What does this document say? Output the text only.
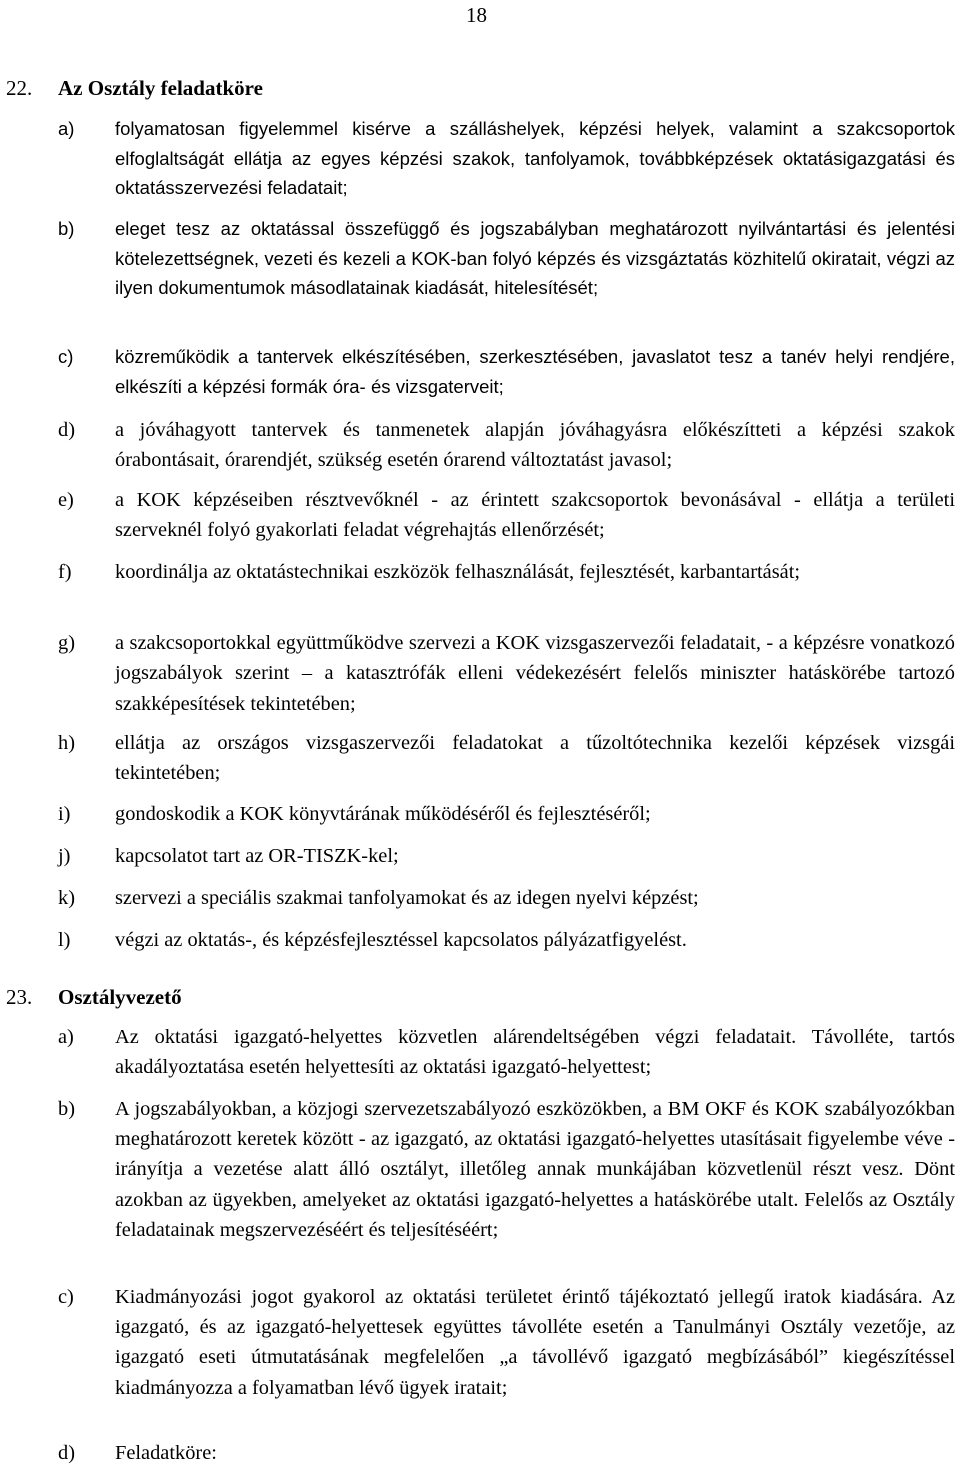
18
22. Az Osztály feladatköre
a) folyamatosan figyelemmel kisérve a szálláshelyek, képzési helyek, valamint a szakcsoportok elfoglaltságát ellátja az egyes képzési szakok, tanfolyamok, továbbképzések oktatásigazgatási és oktatásszervezési feladatait;
b) eleget tesz az oktatással összefüggő és jogszabályban meghatározott nyilvántartási és jelentési kötelezettségnek, vezeti és kezeli a KOK-ban folyó képzés és vizsgáztatás közhitelű okiratait, végzi az ilyen dokumentumok másodlatainak kiadását, hitelesítését;
c) közreműködik a tantervek elkészítésében, szerkesztésében, javaslatot tesz a tanév helyi rendjére, elkészíti a képzési formák óra- és vizsgaterveit;
d) a jóváhagyott tantervek és tanmenetek alapján jóváhagyásra előkészítteti a képzési szakok órabontásait, órarendjét, szükség esetén órarend változtatást javasol;
e) a KOK képzéseiben résztvevőknél - az érintett szakcsoportok bevonásával - ellátja a területi szerveknél folyó gyakorlati feladat végrehajtás ellenőrzését;
f) koordinálja az oktatástechnikai eszközök felhasználását, fejlesztését, karbantartását;
g) a szakcsoportokkal együttműködve szervezi a KOK vizsgaszervezői feladatait, - a képzésre vonatkozó jogszabályok szerint – a katasztrófák elleni védekezésért felelős miniszter hatáskörébe tartozó szakképesítések tekintetében;
h) ellátja az országos vizsgaszervezői feladatokat a tűzoltótechnika kezelői képzések vizsgái tekintetében;
i) gondoskodik a KOK könyvtárának működéséről és fejlesztéséről;
j) kapcsolatot tart az OR-TISZK-kel;
k) szervezi a speciális szakmai tanfolyamokat és az idegen nyelvi képzést;
l) végzi az oktatás-, és képzésfejlesztéssel kapcsolatos pályázatfigyelést.
23. Osztályvezető
a) Az oktatási igazgató-helyettes közvetlen alárendeltségében végzi feladatait. Távolléte, tartós akadályoztatása esetén helyettesíti az oktatási igazgató-helyettest;
b) A jogszabályokban, a közjogi szervezetszabályozó eszközökben, a BM OKF és KOK szabályozókban meghatározott keretek között - az igazgató, az oktatási igazgató-helyettes utasításait figyelembe véve - irányítja a vezetése alatt álló osztályt, illetőleg annak munkájában közvetlenül részt vesz. Dönt azokban az ügyekben, amelyeket az oktatási igazgató-helyettes a hatáskörébe utalt. Felelős az Osztály feladatainak megszervezéséért és teljesítéséért;
c) Kiadmányozási jogot gyakorol az oktatási területet érintő tájékoztató jellegű iratok kiadására. Az igazgató, és az igazgató-helyettesek együttes távolléte esetén a Tanulmányi Osztály vezetője, az igazgató eseti útmutatásának megfelelően „a távollévő igazgató megbízásából” kiegészítéssel kiadmányozza a folyamatban lévő ügyek iratait;
d) Feladatköre:
